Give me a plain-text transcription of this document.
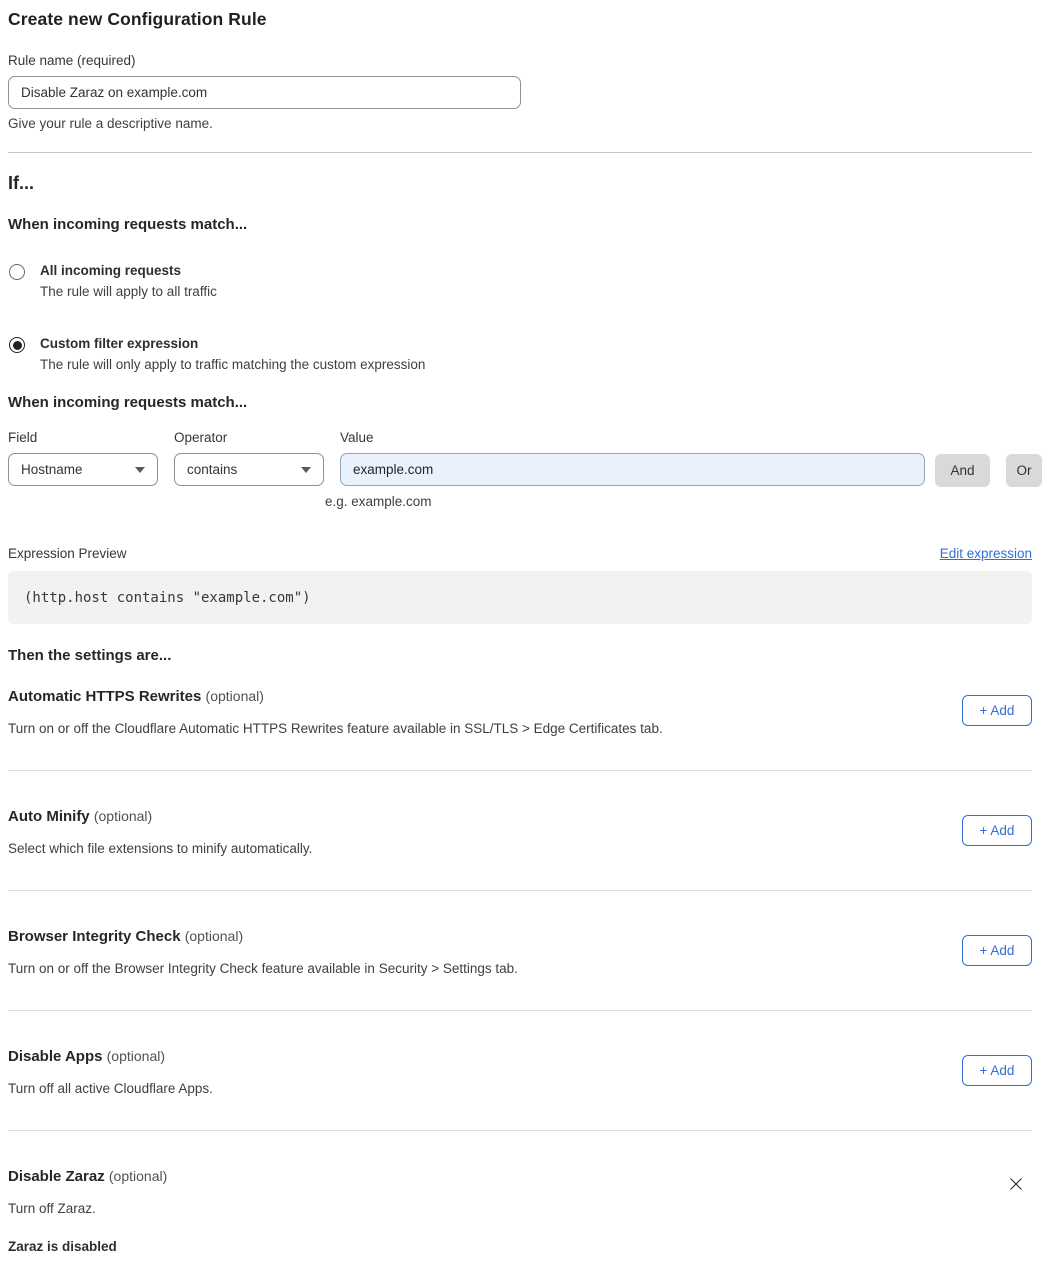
Create new Configuration Rule
Rule name (required)
Disable Zaraz on example.com
Give your rule a descriptive name.
If...
When incoming requests match...
All incoming requests
The rule will apply to all traffic
Custom filter expression
The rule will only apply to traffic matching the custom expression
When incoming requests match...
Field
Hostname
Operator
contains
Value
example.com
And	Or
e.g. example.com
Expression Preview	Edit expression
(http.host contains "example.com")
Then the settings are...
Automatic HTTPS Rewrites (optional)
Turn on or off the Cloudflare Automatic HTTPS Rewrites feature available in SSL/TLS > Edge Certificates tab.
+ Add
Auto Minify (optional)
Select which file extensions to minify automatically.
+ Add
Browser Integrity Check (optional)
Turn on or off the Browser Integrity Check feature available in Security > Settings tab.
+ Add
Disable Apps (optional)
Turn off all active Cloudflare Apps.
+ Add
Disable Zaraz (optional)
Turn off Zaraz.
Zaraz is disabled
